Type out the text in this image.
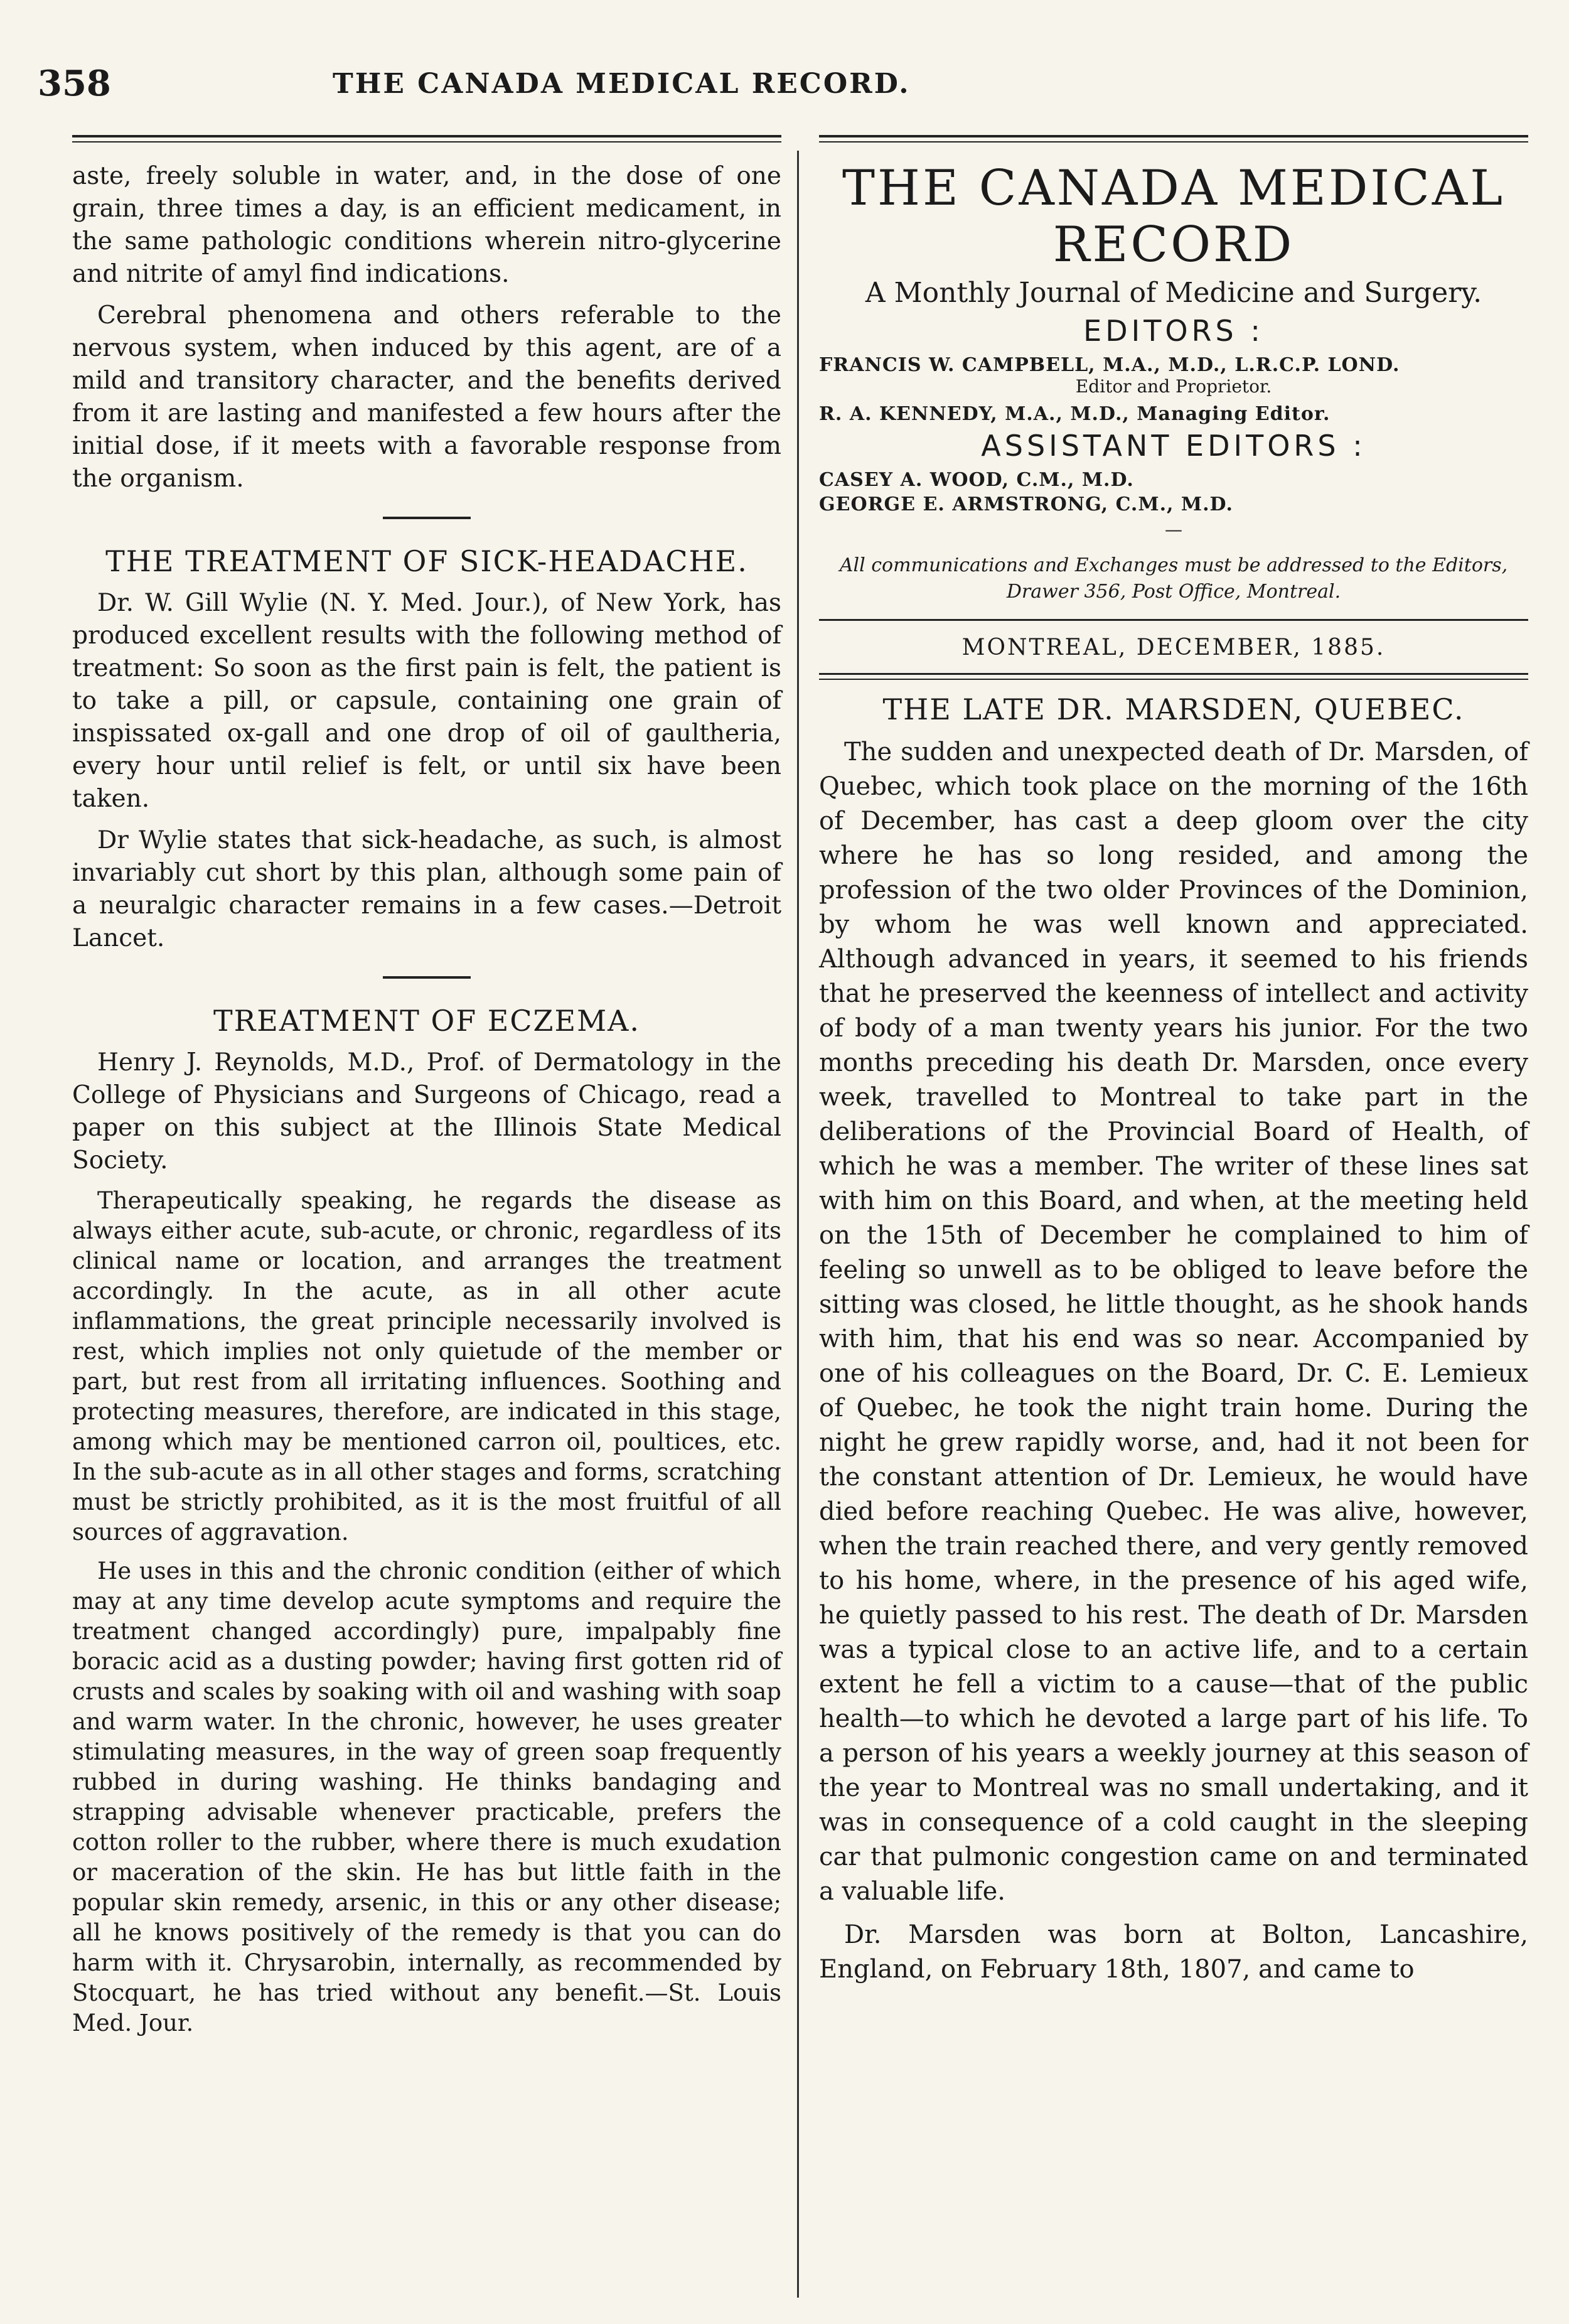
358	THE CANADA MEDICAL RECORD.

aste, freely soluble in water, and, in the dose of one grain, three times a day, is an efficient medicament, in the same pathologic conditions wherein nitro-glycerine and nitrite of amyl find indications.

Cerebral phenomena and others referable to the nervous system, when induced by this agent, are of a mild and transitory character, and the benefits derived from it are lasting and manifested a few hours after the initial dose, if it meets with a favorable response from the organism.

THE TREATMENT OF SICK-HEADACHE.

Dr. W. Gill Wylie (N. Y. Med. Jour.), of New York, has produced excellent results with the following method of treatment: So soon as the first pain is felt, the patient is to take a pill, or capsule, containing one grain of inspissated ox-gall and one drop of oil of gaultheria, every hour until relief is felt, or until six have been taken.

Dr Wylie states that sick-headache, as such, is almost invariably cut short by this plan, although some pain of a neuralgic character remains in a few cases.—Detroit Lancet.

TREATMENT OF ECZEMA.

Henry J. Reynolds, M.D., Prof. of Dermatology in the College of Physicians and Surgeons of Chicago, read a paper on this subject at the Illinois State Medical Society.

Therapeutically speaking, he regards the disease as always either acute, sub-acute, or chronic, regardless of its clinical name or location, and arranges the treatment accordingly. In the acute, as in all other acute inflammations, the great principle necessarily involved is rest, which implies not only quietude of the member or part, but rest from all irritating influences. Soothing and protecting measures, therefore, are indicated in this stage, among which may be mentioned carron oil, poultices, etc. In the sub-acute as in all other stages and forms, scratching must be strictly prohibited, as it is the most fruitful of all sources of aggravation.

He uses in this and the chronic condition (either of which may at any time develop acute symptoms and require the treatment changed accordingly) pure, impalpably fine boracic acid as a dusting powder; having first gotten rid of crusts and scales by soaking with oil and washing with soap and warm water. In the chronic, however, he uses greater stimulating measures, in the way of green soap frequently rubbed in during washing. He thinks bandaging and strapping advisable whenever practicable, prefers the cotton roller to the rubber, where there is much exudation or maceration of the skin. He has but little faith in the popular skin remedy, arsenic, in this or any other disease; all he knows positively of the remedy is that you can do harm with it. Chrysarobin, internally, as recommended by Stocquart, he has tried without any benefit.—St. Louis Med. Jour.

THE CANADA MEDICAL RECORD
A Monthly Journal of Medicine and Surgery.
EDITORS :
FRANCIS W. CAMPBELL, M.A., M.D., L.R.C.P. LOND.
Editor and Proprietor.
R. A. KENNEDY, M.A., M.D., Managing Editor.
ASSISTANT EDITORS :
CASEY A. WOOD, C.M., M.D.
GEORGE E. ARMSTRONG, C.M., M.D.
—
All communications and Exchanges must be addressed to the Editors, Drawer 356, Post Office, Montreal.
MONTREAL, DECEMBER, 1885.
THE LATE DR. MARSDEN, QUEBEC.

The sudden and unexpected death of Dr. Marsden, of Quebec, which took place on the morning of the 16th of December, has cast a deep gloom over the city where he has so long resided, and among the profession of the two older Provinces of the Dominion, by whom he was well known and appreciated. Although advanced in years, it seemed to his friends that he preserved the keenness of intellect and activity of body of a man twenty years his junior. For the two months preceding his death Dr. Marsden, once every week, travelled to Montreal to take part in the deliberations of the Provincial Board of Health, of which he was a member. The writer of these lines sat with him on this Board, and when, at the meeting held on the 15th of December he complained to him of feeling so unwell as to be obliged to leave before the sitting was closed, he little thought, as he shook hands with him, that his end was so near. Accompanied by one of his colleagues on the Board, Dr. C. E. Lemieux of Quebec, he took the night train home. During the night he grew rapidly worse, and, had it not been for the constant attention of Dr. Lemieux, he would have died before reaching Quebec. He was alive, however, when the train reached there, and very gently removed to his home, where, in the presence of his aged wife, he quietly passed to his rest. The death of Dr. Marsden was a typical close to an active life, and to a certain extent he fell a victim to a cause—that of the public health—to which he devoted a large part of his life. To a person of his years a weekly journey at this season of the year to Montreal was no small undertaking, and it was in consequence of a cold caught in the sleeping car that pulmonic congestion came on and terminated a valuable life.

Dr. Marsden was born at Bolton, Lancashire, England, on February 18th, 1807, and came to
